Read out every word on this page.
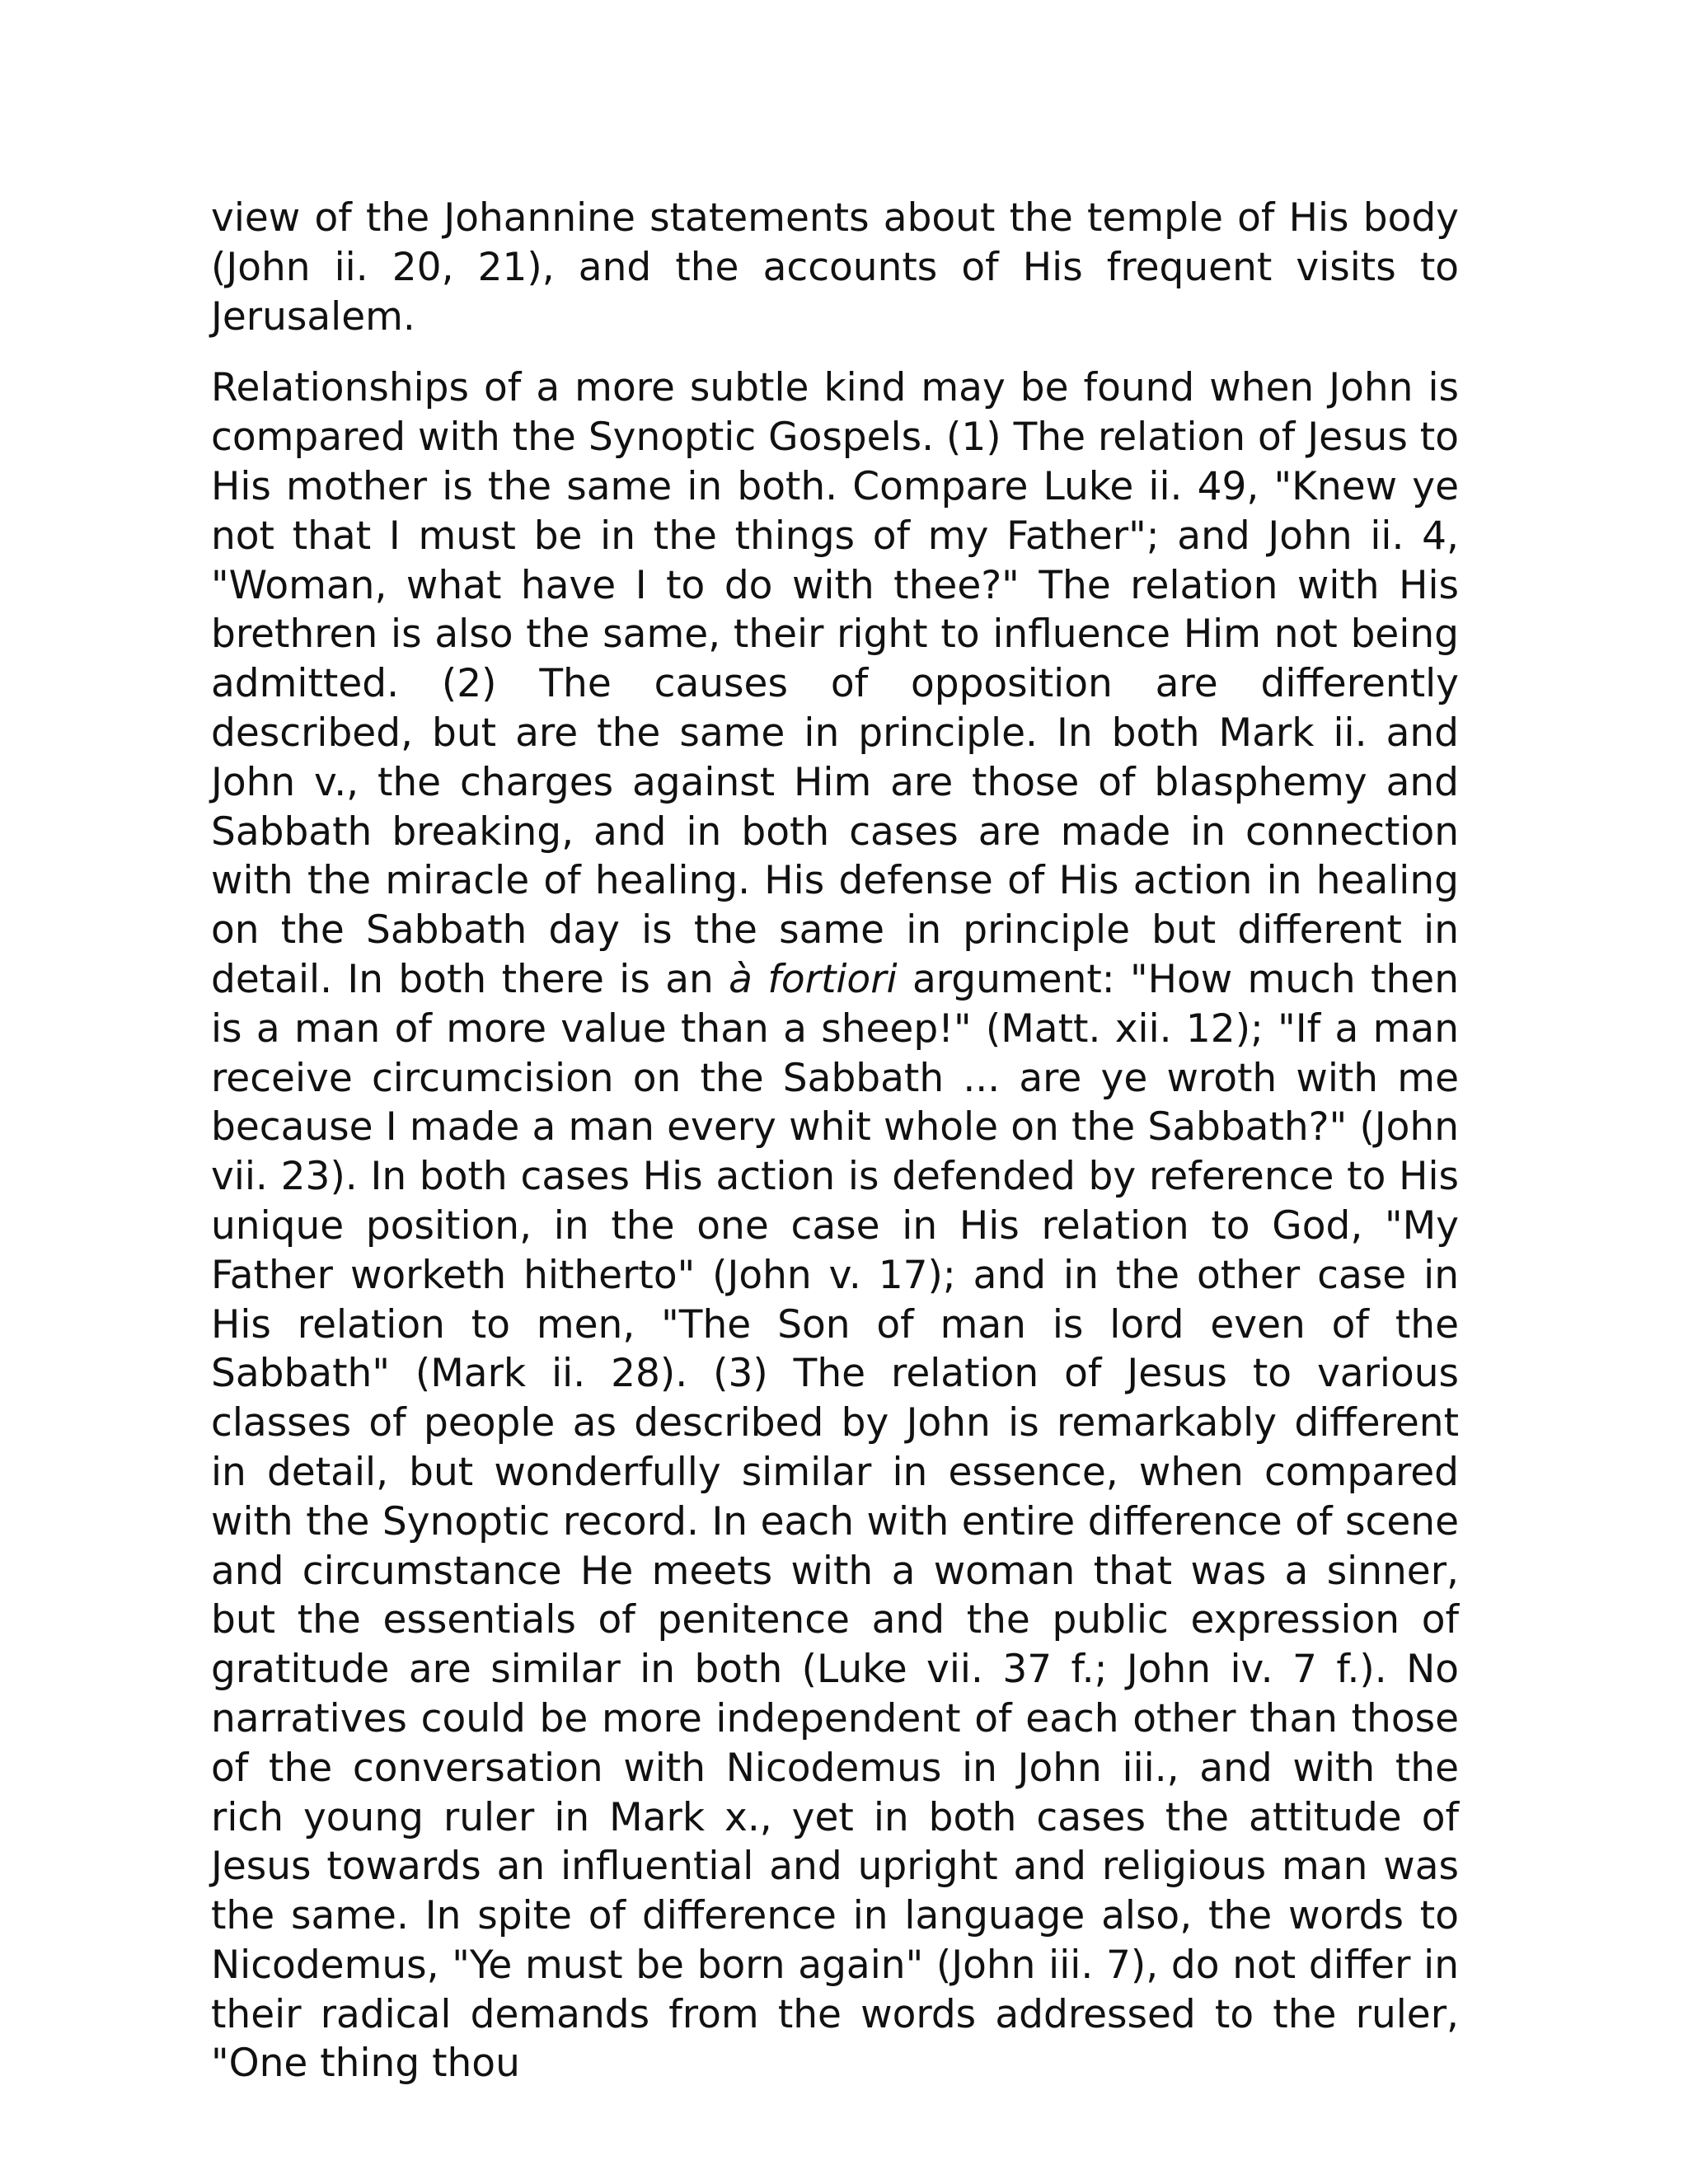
view of the Johannine statements about the temple of His body (John ii. 20, 21), and the accounts of His frequent visits to Jerusalem.

Relationships of a more subtle kind may be found when John is compared with the Synoptic Gospels. (1) The relation of Jesus to His mother is the same in both. Compare Luke ii. 49, "Knew ye not that I must be in the things of my Father"; and John ii. 4, "Woman, what have I to do with thee?" The relation with His brethren is also the same, their right to influence Him not being admitted. (2) The causes of opposition are differently described, but are the same in principle. In both Mark ii. and John v., the charges against Him are those of blasphemy and Sabbath breaking, and in both cases are made in connection with the miracle of healing. His defense of His action in healing on the Sabbath day is the same in principle but different in detail. In both there is an à fortiori argument: "How much then is a man of more value than a sheep!" (Matt. xii. 12); "If a man receive circumcision on the Sabbath ... are ye wroth with me because I made a man every whit whole on the Sabbath?" (John vii. 23). In both cases His action is defended by reference to His unique position, in the one case in His relation to God, "My Father worketh hitherto" (John v. 17); and in the other case in His relation to men, "The Son of man is lord even of the Sabbath" (Mark ii. 28). (3) The relation of Jesus to various classes of people as described by John is remarkably different in detail, but wonderfully similar in essence, when compared with the Synoptic record. In each with entire difference of scene and circumstance He meets with a woman that was a sinner, but the essentials of penitence and the public expression of gratitude are similar in both (Luke vii. 37 f.; John iv. 7 f.). No narratives could be more independent of each other than those of the conversation with Nicodemus in John iii., and with the rich young ruler in Mark x., yet in both cases the attitude of Jesus towards an influential and upright and religious man was the same. In spite of difference in language also, the words to Nicodemus, "Ye must be born again" (John iii. 7), do not differ in their radical demands from the words addressed to the ruler, "One thing thou
